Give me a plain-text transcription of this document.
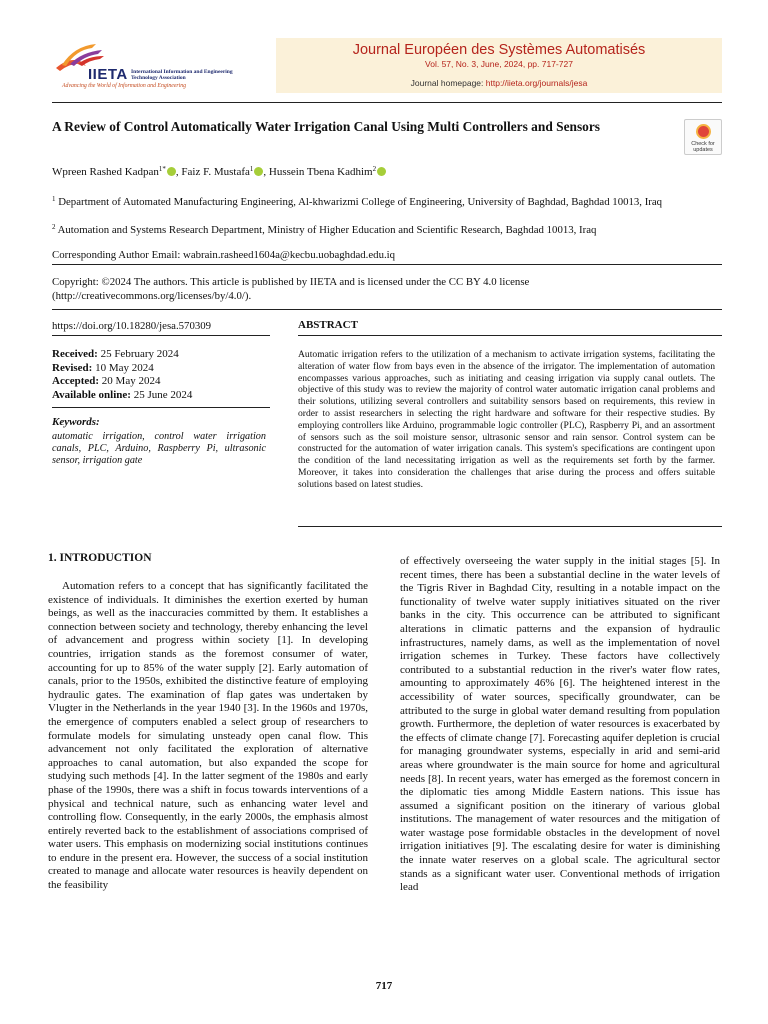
IIETA International Information and Engineering Technology Association
Advancing the World of Information and Engineering
Journal Européen des Systèmes Automatisés
Vol. 57, No. 3, June, 2024, pp. 717-727
Journal homepage: http://iieta.org/journals/jesa
A Review of Control Automatically Water Irrigation Canal Using Multi Controllers and Sensors
Check for updates
Wpreen Rashed Kadpan$^{1*}$ , Faiz F. Mustafa$^1$ , Hussein Tbena Kadhim$^2$
$^1$ Department of Automated Manufacturing Engineering, Al-khwarizmi College of Engineering, University of Baghdad, Baghdad 10013, Iraq
$^2$ Automation and Systems Research Department, Ministry of Higher Education and Scientific Research, Baghdad 10013, Iraq
Corresponding Author Email: wabrain.rasheed1604a@kecbu.uobaghdad.edu.iq
Copyright: ©2024 The authors. This article is published by IIETA and is licensed under the CC BY 4.0 license (http://creativecommons.org/licenses/by/4.0/).
https://doi.org/10.18280/jesa.570309
Received: 25 February 2024
Revised: 10 May 2024
Accepted: 20 May 2024
Available online: 25 June 2024
Keywords:
automatic irrigation, control water irrigation canals, PLC, Arduino, Raspberry Pi, ultrasonic sensor, irrigation gate
ABSTRACT
Automatic irrigation refers to the utilization of a mechanism to activate irrigation systems, facilitating the alteration of water flow from bays even in the absence of the irrigator. The implementation of automation encompasses various approaches, such as initiating and ceasing irrigation via supply canal outlets. The objective of this study was to review the majority of control water automatic irrigation canal problems and their solutions, utilizing several controllers and suitability sensors based on requirements, this review in order to assist researchers in selecting the right hardware and software for their respective studies. By employing controllers like Arduino, programmable logic controller (PLC), Raspberry Pi, and an assortment of sensors such as the soil moisture sensor, ultrasonic sensor and rain sensor. Control system can be constructed for the automation of water irrigation canals. This system's specifications are contingent upon the condition of the land necessitating irrigation as well as the requirements set forth by the farmer. Moreover, it takes into consideration the challenges that arise during the process and offers suitable solutions based on latest studies.
1. INTRODUCTION
Automation refers to a concept that has significantly facilitated the existence of individuals. It diminishes the exertion exerted by human beings, as well as the inaccuracies committed by them. It establishes a connection between society and technology, thereby enhancing the level of advancement and progress within society [1]. In developing countries, irrigation stands as the foremost consumer of water, accounting for up to 85% of the water supply [2]. Early automation of canals, prior to the 1950s, exhibited the distinctive feature of employing hydraulic gates. The examination of flap gates was undertaken by Vlugter in the Netherlands in the year 1940 [3]. In the 1960s and 1970s, the emergence of computers enabled a select group of researchers to formulate models for simulating unsteady open canal flow. This advancement not only facilitated the exploration of alternative approaches to canal automation, but also expanded the scope for studying such methods [4]. In the latter segment of the 1980s and early phase of the 1990s, there was a shift in focus towards interventions of a physical and technical nature, such as enhancing water level and controlling flow. Consequently, in the early 2000s, the emphasis almost entirely reverted back to the establishment of associations comprised of water users. This emphasis on modernizing social institutions continues to endure in the present era. However, the success of a social institution created to manage and allocate water resources is heavily dependent on the feasibility
of effectively overseeing the water supply in the initial stages [5]. In recent times, there has been a substantial decline in the water levels of the Tigris River in Baghdad City, resulting in a notable impact on the functionality of twelve water supply initiatives situated on the river banks in the city. This occurrence can be attributed to significant alterations in climatic patterns and the expansion of hydraulic infrastructures, namely dams, as well as the implementation of novel irrigation schemes in Turkey. These factors have collectively contributed to a substantial reduction in the river's water flow rates, amounting to approximately 46% [6]. The heightened interest in the accessibility of water sources, specifically groundwater, can be attributed to the surge in global water demand resulting from population growth. Furthermore, the depletion of water resources is exacerbated by the effects of climate change [7]. Forecasting aquifer depletion is crucial for managing groundwater systems, especially in arid and semi-arid areas where groundwater is the main source for home and agricultural needs [8]. In recent years, water has emerged as the foremost concern in the diplomatic ties among Middle Eastern nations. This issue has assumed a significant position on the itinerary of various global institutions. The management of water resources and the mitigation of water wastage pose formidable obstacles in the development of novel irrigation initiatives [9]. The escalating desire for water is diminishing the innate water reserves on a global scale. The agricultural sector stands as a significant water user. Conventional methods of irrigation lead
717
